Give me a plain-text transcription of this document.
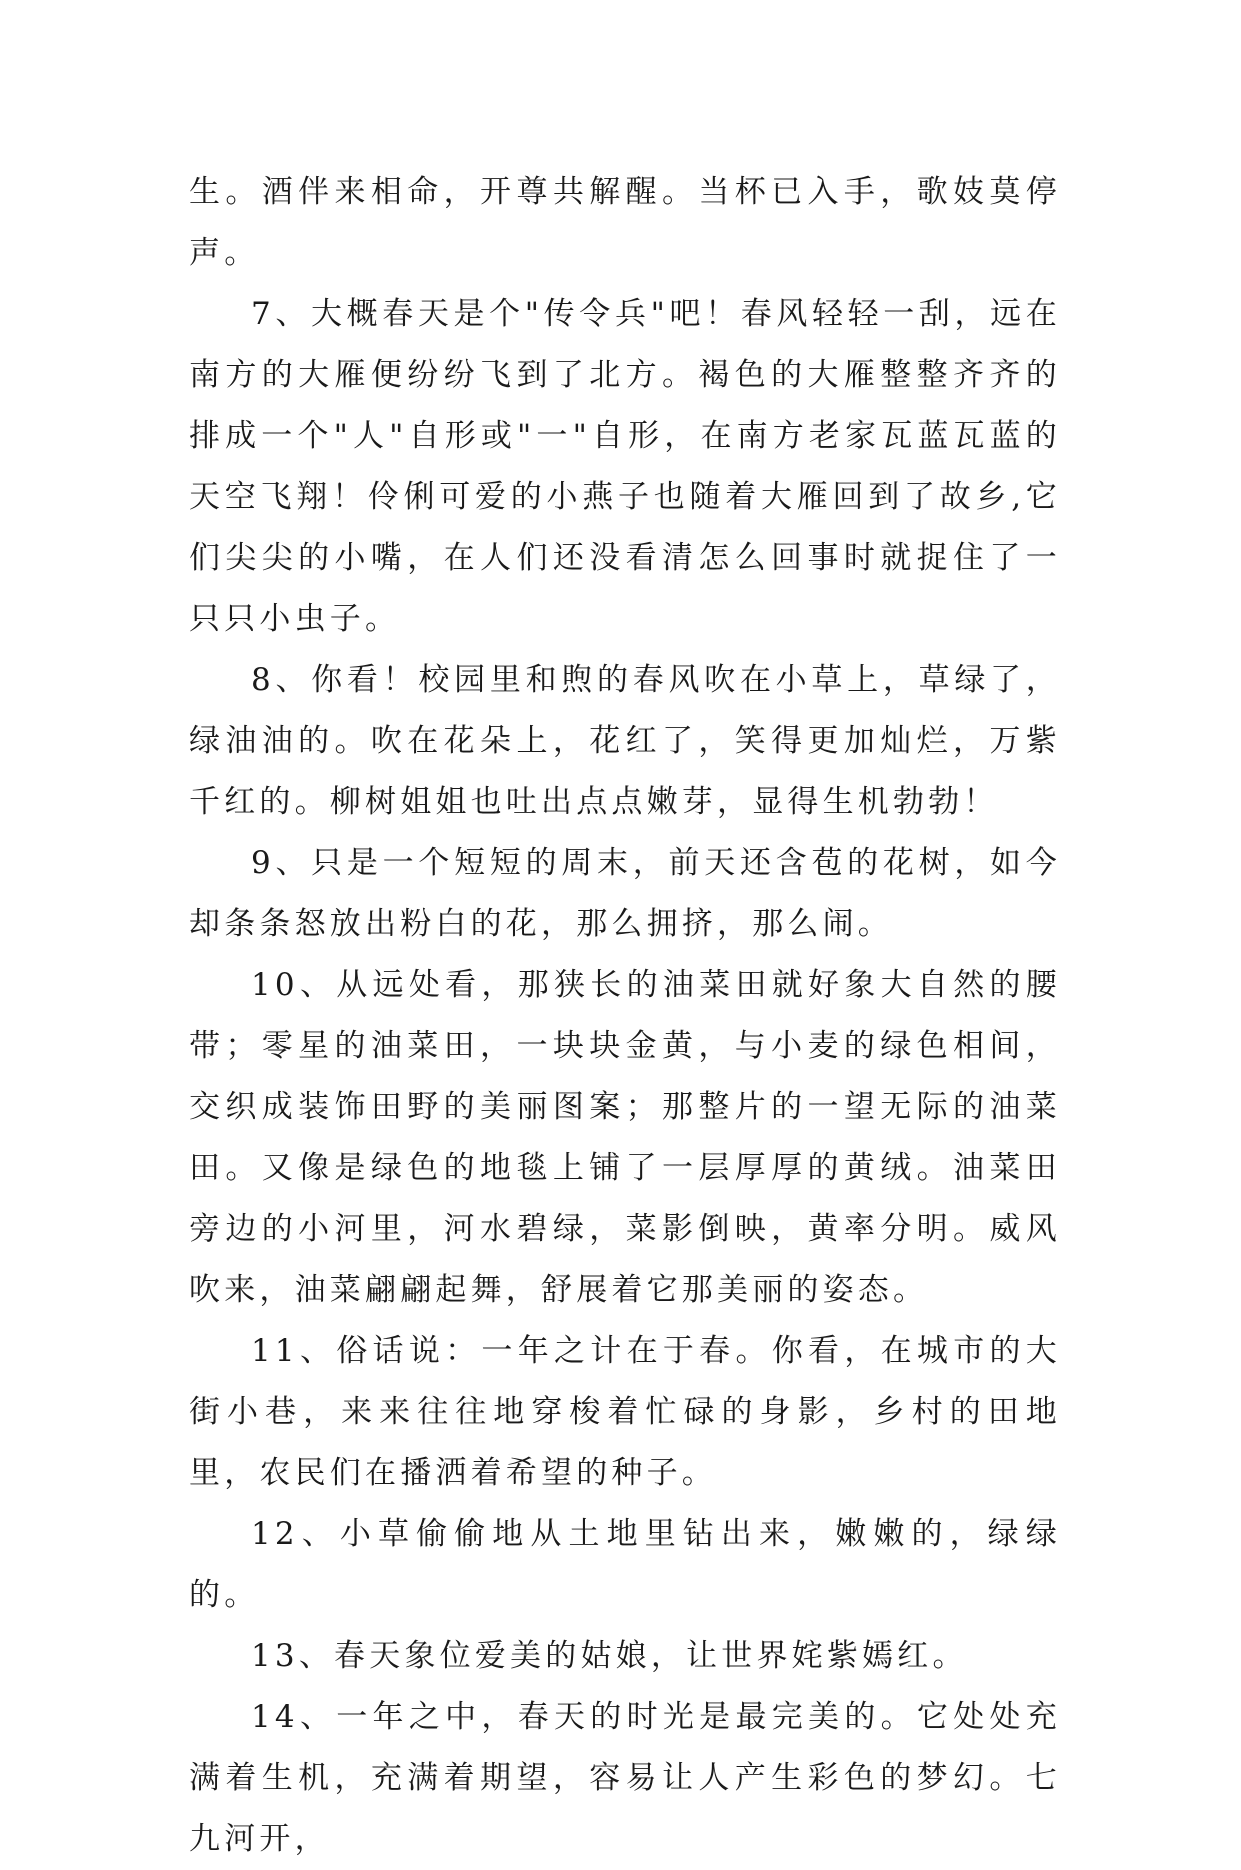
生。酒伴来相命，开尊共解醒。当杯已入手，歌妓莫停声。

7、大概春天是个"传令兵"吧！春风轻轻一刮，远在南方的大雁便纷纷飞到了北方。褐色的大雁整整齐齐的排成一个"人"自形或"一"自形，在南方老家瓦蓝瓦蓝的天空飞翔！伶俐可爱的小燕子也随着大雁回到了故乡,它们尖尖的小嘴，在人们还没看清怎么回事时就捉住了一只只小虫子。

8、你看！校园里和煦的春风吹在小草上，草绿了，绿油油的。吹在花朵上，花红了，笑得更加灿烂，万紫千红的。柳树姐姐也吐出点点嫩芽，显得生机勃勃！

9、只是一个短短的周末，前天还含苞的花树，如今却条条怒放出粉白的花，那么拥挤，那么闹。

10、从远处看，那狭长的油菜田就好象大自然的腰带；零星的油菜田，一块块金黄，与小麦的绿色相间，交织成装饰田野的美丽图案；那整片的一望无际的油菜田。又像是绿色的地毯上铺了一层厚厚的黄绒。油菜田旁边的小河里，河水碧绿，菜影倒映，黄率分明。威风吹来，油菜翩翩起舞，舒展着它那美丽的姿态。

11、俗话说：一年之计在于春。你看，在城市的大街小巷，来来往往地穿梭着忙碌的身影，乡村的田地里，农民们在播洒着希望的种子。

12、小草偷偷地从土地里钻出来，嫩嫩的，绿绿的。

13、春天象位爱美的姑娘，让世界姹紫嫣红。

14、一年之中，春天的时光是最完美的。它处处充满着生机，充满着期望，容易让人产生彩色的梦幻。七九河开，
